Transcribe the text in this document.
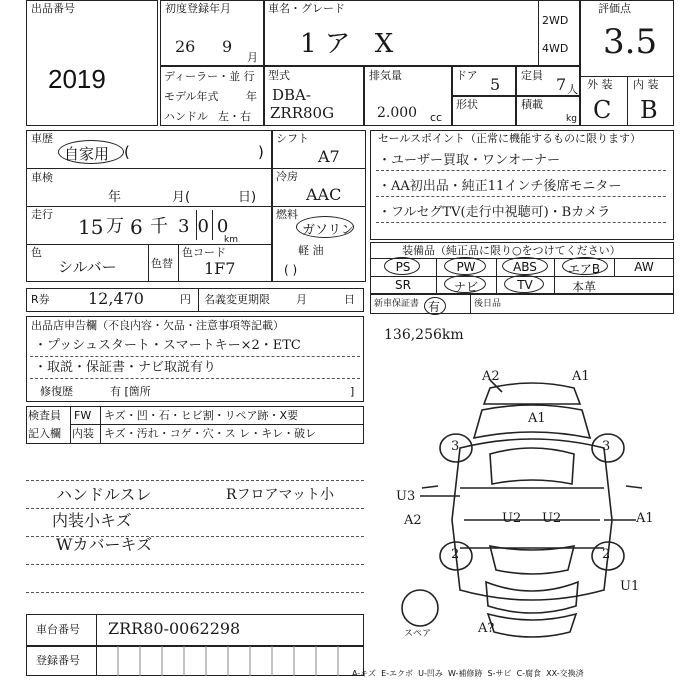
出品番号
2019
初度登録年月
26 9
月
車名・グレード
1ア X
2WD
4WD
評価点
3.5
外 装 内 装
C B
ディーラー・並 行
モデル年式	年
ハンドル 左・右
型式
DBA-
ZRR80G
排気量
2.000 cc
ドア 5 定員 7 人
形状	積載
kg
車歴
自家用 (	)
車検
年	月(	日)
走行
15 万 6 千 300
km
色
シルバー	色替
色コード
1F7
シフト
A7
冷房
AAC
燃料
ガソリン
軽 油
( )
セールスポイント（正常に機能するものに限ります）
・ユーザー買取・ワンオーナー
・AA初出品・純正11インチ後席モニター
・フルセグTV(走行中視聴可)・Bカメラ
装備品（純正品に限り○をつけてください）
PS	PW	ABS	エアB	AW
SR	ナビ	TV	本革
R券 12,470	円 名義変更期限 月	日 新車保証書 有	後日品
136,256km
出品店申告欄（不良内容・欠品・注意事項等記載）
・プッシュスタート・スマートキー×2・ETC
・取説・保証書・ナビ取説有り
修復歴	有 [箇所	]
検査員
記入欄
FW キズ・凹・石・ヒビ割・リペア跡・X要
内装 キズ・汚れ・コゲ・穴・ス レ・キレ・破レ
ハンドルスレ
内装小キズ
Wカバーキズ
Rフロアマット小
A2	A1
A1
3	3
U3
A2	U2 U2	A1
2	2
U1
A?
スペア
車台番号 ZRR80-0062298
登録番号
A-キズ  E-エクボ  U-凹み  W-補修跡  S-サビ  C-腐食  XX-交換済
